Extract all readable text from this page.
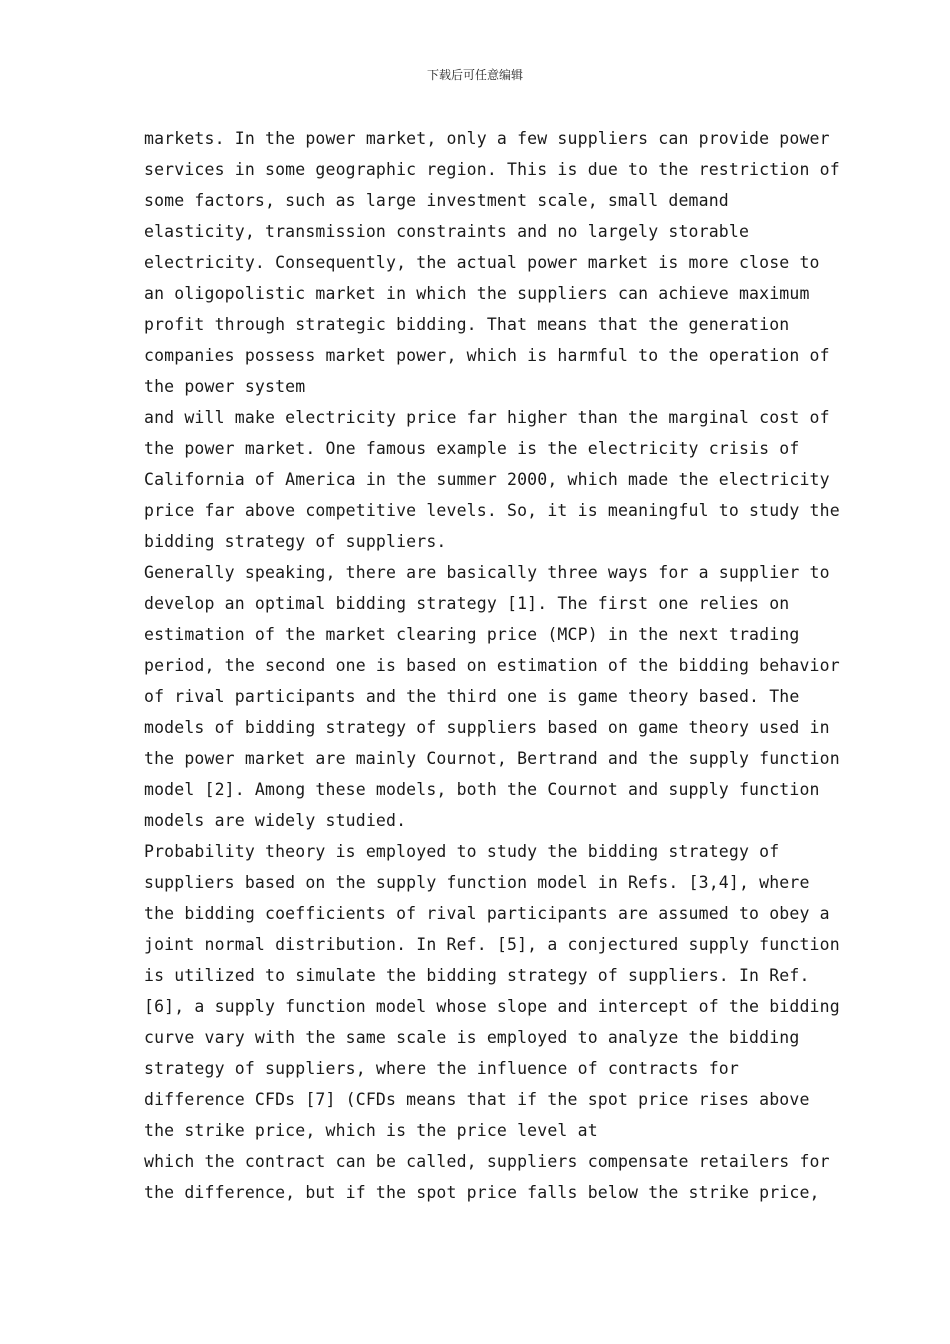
下载后可任意编辑
markets. In the power market, only a few suppliers can provide power
services in some geographic region. This is due to the restriction of
some factors, such as large investment scale, small demand
elasticity, transmission constraints and no largely storable
electricity. Consequently, the actual power market is more close to
an oligopolistic market in which the suppliers can achieve maximum
profit through strategic bidding. That means that the generation
companies possess market power, which is harmful to the operation of
the power system
and will make electricity price far higher than the marginal cost of
the power market. One famous example is the electricity crisis of
California of America in the summer 2000, which made the electricity
price far above competitive levels. So, it is meaningful to study the
bidding strategy of suppliers.
Generally speaking, there are basically three ways for a supplier to
develop an optimal bidding strategy [1]. The first one relies on
estimation of the market clearing price (MCP) in the next trading
period, the second one is based on estimation of the bidding behavior
of rival participants and the third one is game theory based. The
models of bidding strategy of suppliers based on game theory used in
the power market are mainly Cournot, Bertrand and the supply function
model [2]. Among these models, both the Cournot and supply function
models are widely studied.
Probability theory is employed to study the bidding strategy of
suppliers based on the supply function model in Refs. [3,4], where
the bidding coefficients of rival participants are assumed to obey a
joint normal distribution. In Ref. [5], a conjectured supply function
is utilized to simulate the bidding strategy of suppliers. In Ref.
[6], a supply function model whose slope and intercept of the bidding
curve vary with the same scale is employed to analyze the bidding
strategy of suppliers, where the influence of contracts for
difference CFDs [7] (CFDs means that if the spot price rises above
the strike price, which is the price level at
which the contract can be called, suppliers compensate retailers for
the difference, but if the spot price falls below the strike price,
